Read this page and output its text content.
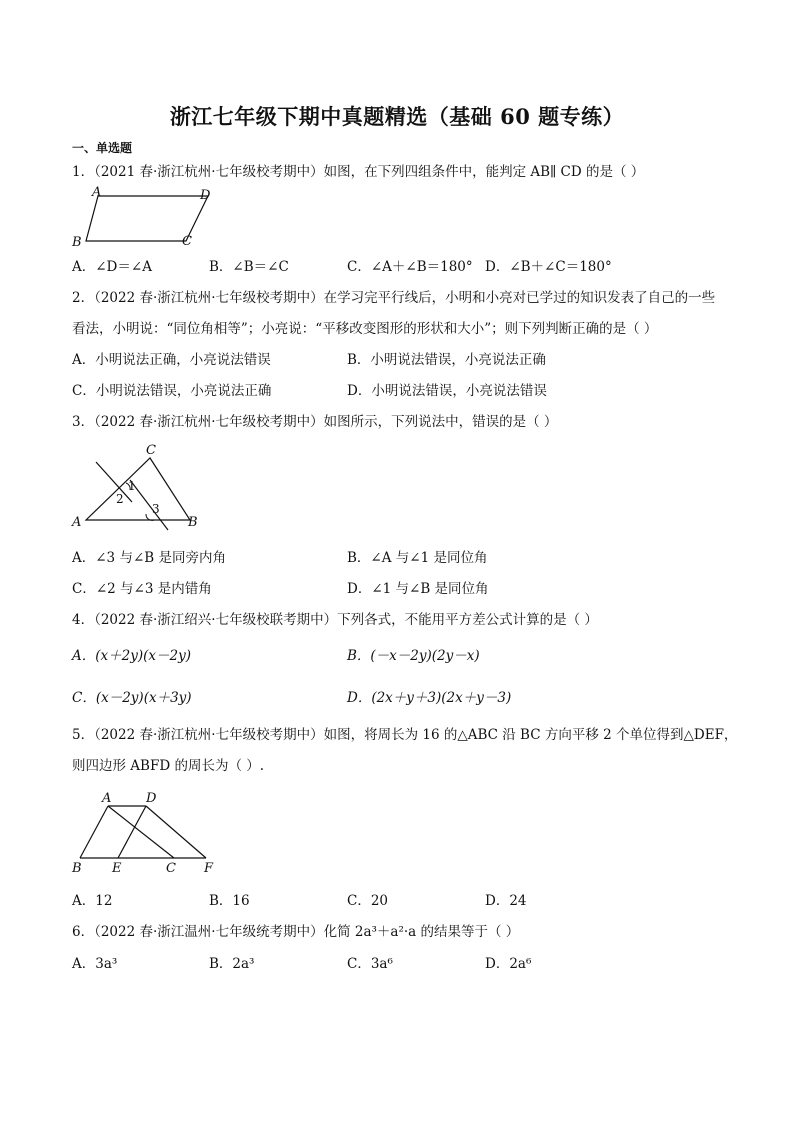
浙江七年级下期中真题精选（基础 60 题专练）
一、单选题
1．（2021 春·浙江杭州·七年级校考期中）如图，在下列四组条件中，能判定 AB∥ CD 的是（ ）
A	D
B	C
A．∠D＝∠A	B．∠B＝∠C	C．∠A＋∠B＝180° D．∠B＋∠C＝180°
2．（2022 春·浙江杭州·七年级校考期中）在学习完平行线后，小明和小亮对已学过的知识发表了自己的一些
看法，小明说：“同位角相等”；小亮说：“平移改变图形的形状和大小”；则下列判断正确的是（ ）
A．小明说法正确，小亮说法错误	B．小明说法错误，小亮说法正确
C．小明说法错误，小亮说法正确	D．小明说法错误，小亮说法错误
3．（2022 春·浙江杭州·七年级校考期中）如图所示，下列说法中，错误的是（ ）
C
1
2
3
A	B
A．∠3 与∠B 是同旁内角	B．∠A 与∠1 是同位角
C．∠2 与∠3 是内错角	D．∠1 与∠B 是同位角
4．（2022 春·浙江绍兴·七年级校联考期中）下列各式，不能用平方差公式计算的是（ ）
A．(x＋2y)(x－2y)	B．(－x－2y)(2y－x)
C．(x－2y)(x＋3y)	D．(2x＋y＋3)(2x＋y－3)
5．（2022 春·浙江杭州·七年级校考期中）如图，将周长为 16 的△ABC 沿 BC 方向平移 2 个单位得到△DEF，
则四边形 ABFD 的周长为（ ）.
A	D
B E	C F
A．12	B．16	C．20	D．24
6．（2022 春·浙江温州·七年级统考期中）化简 2a³＋a²·a 的结果等于（ ）
A．3a³	B．2a³	C．3a⁶	D．2a⁶
